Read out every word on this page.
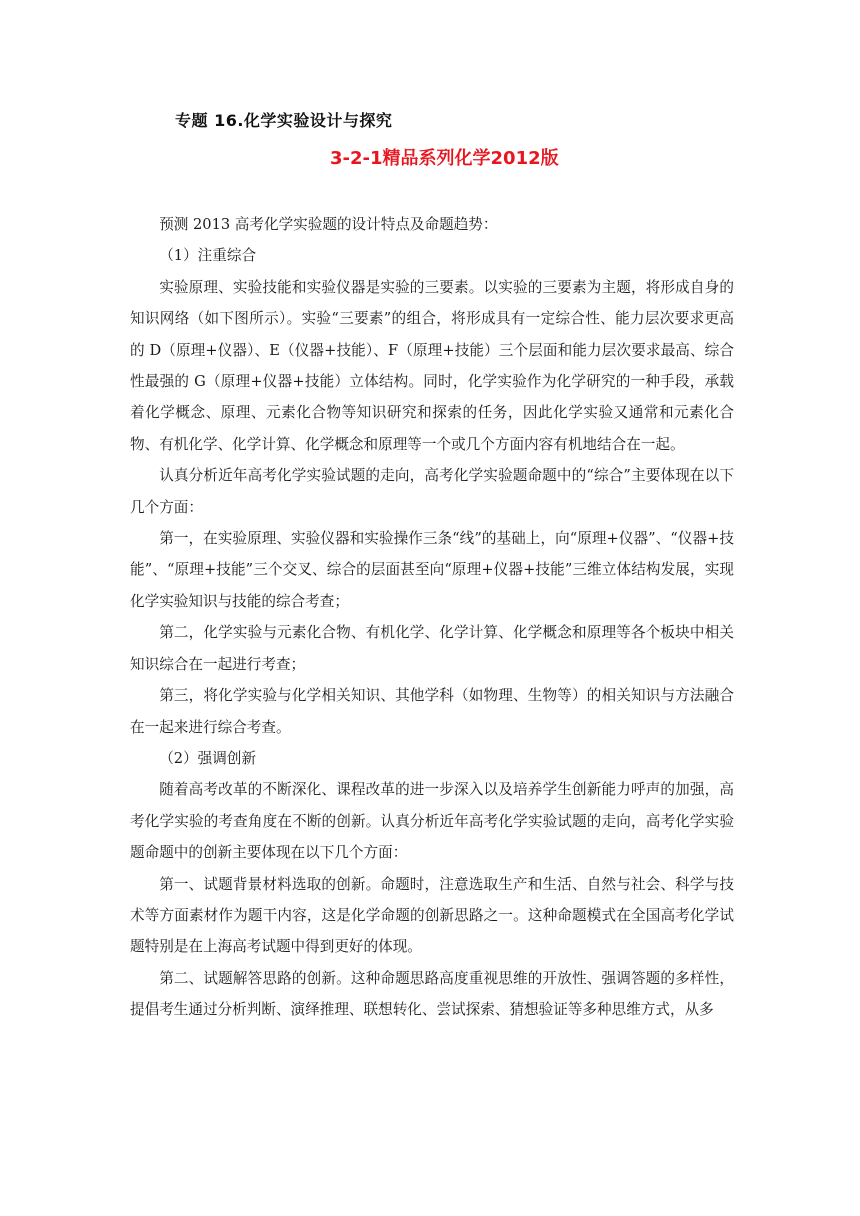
专题 16.化学实验设计与探究
3-2-1精品系列化学2012版

预测 2013 高考化学实验题的设计特点及命题趋势：

（1）注重综合

实验原理、实验技能和实验仪器是实验的三要素。以实验的三要素为主题，将形成自身的知识网络（如下图所示）。实验“三要素”的组合，将形成具有一定综合性、能力层次要求更高的 D（原理+仪器）、E（仪器+技能）、F（原理+技能）三个层面和能力层次要求最高、综合性最强的 G（原理+仪器+技能）立体结构。同时，化学实验作为化学研究的一种手段，承载着化学概念、原理、元素化合物等知识研究和探索的任务，因此化学实验又通常和元素化合物、有机化学、化学计算、化学概念和原理等一个或几个方面内容有机地结合在一起。

认真分析近年高考化学实验试题的走向，高考化学实验题命题中的“综合”主要体现在以下几个方面：

第一，在实验原理、实验仪器和实验操作三条“线”的基础上，向“原理+仪器”、“仪器+技能”、“原理+技能”三个交叉、综合的层面甚至向“原理+仪器+技能”三维立体结构发展，实现化学实验知识与技能的综合考查；

第二，化学实验与元素化合物、有机化学、化学计算、化学概念和原理等各个板块中相关知识综合在一起进行考查；

第三，将化学实验与化学相关知识、其他学科（如物理、生物等）的相关知识与方法融合在一起来进行综合考查。

（2）强调创新

随着高考改革的不断深化、课程改革的进一步深入以及培养学生创新能力呼声的加强，高考化学实验的考查角度在不断的创新。认真分析近年高考化学实验试题的走向，高考化学实验题命题中的创新主要体现在以下几个方面：

第一、试题背景材料选取的创新。命题时，注意选取生产和生活、自然与社会、科学与技术等方面素材作为题干内容，这是化学命题的创新思路之一。这种命题模式在全国高考化学试题特别是在上海高考试题中得到更好的体现。

第二、试题解答思路的创新。这种命题思路高度重视思维的开放性、强调答题的多样性，提倡考生通过分析判断、演绎推理、联想转化、尝试探索、猜想验证等多种思维方式，从多
